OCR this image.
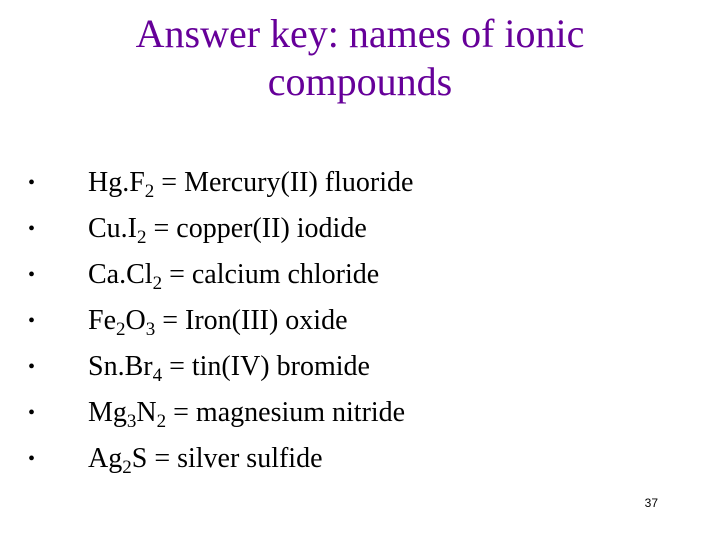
Answer key: names of ionic
compounds
• $Hg.F_2$ = Mercury(II) fluoride
• $Cu.I_2$ = copper(II) iodide
• $Ca.Cl_2$ = calcium chloride
• $Fe_2O_3$ = Iron(III) oxide
• $Sn.Br_4 = tin(IV)$ bromide
• $Mg_3N_2$ = magnesium nitride
• $Ag_2S$ = silver sulfide
37
